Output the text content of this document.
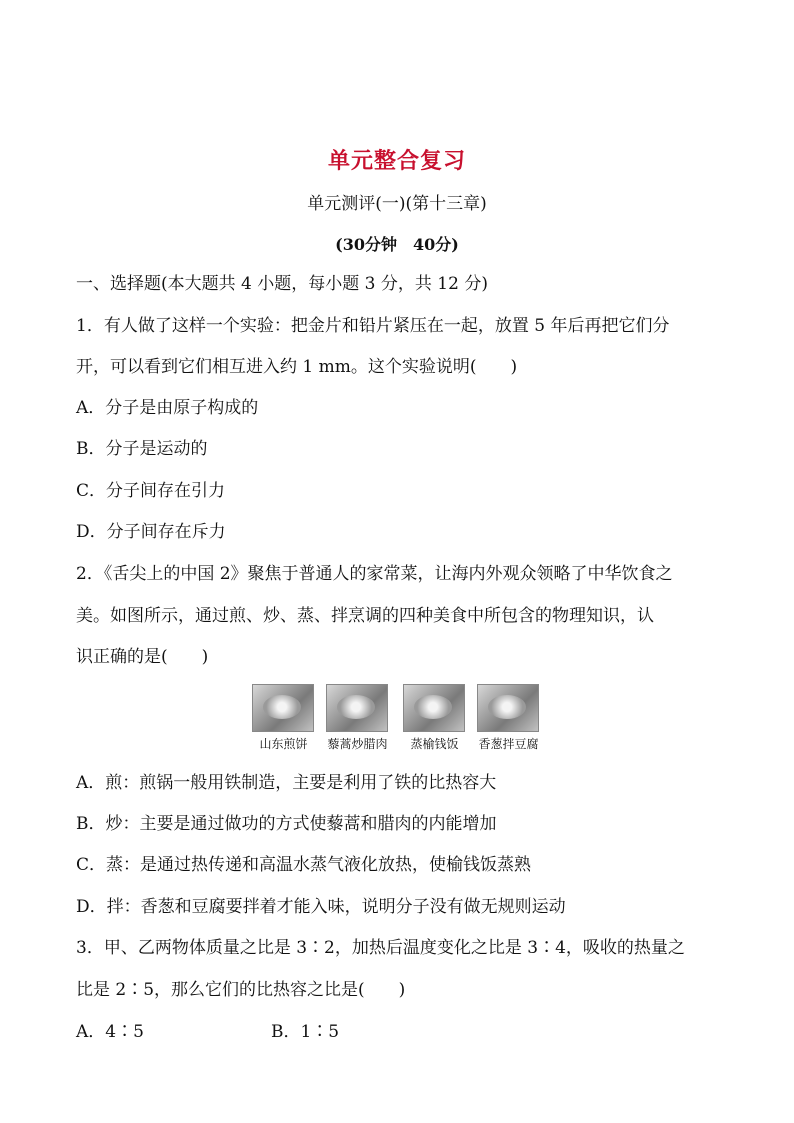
单元整合复习
单元测评(一)(第十三章)
(30分钟　40分)
一、选择题(本大题共 4 小题，每小题 3 分，共 12 分)
1．有人做了这样一个实验：把金片和铅片紧压在一起，放置 5 年后再把它们分
开，可以看到它们相互进入约 1 mm。这个实验说明(　　)
A．分子是由原子构成的
B．分子是运动的
C．分子间存在引力
D．分子间存在斥力
2．《舌尖上的中国 2》聚焦于普通人的家常菜，让海内外观众领略了中华饮食之
美。如图所示，通过煎、炒、蒸、拌烹调的四种美食中所包含的物理知识，认
识正确的是(　　)
山东煎饼	藜蒿炒腊肉	蒸榆钱饭	香葱拌豆腐
A．煎：煎锅一般用铁制造，主要是利用了铁的比热容大
B．炒：主要是通过做功的方式使藜蒿和腊肉的内能增加
C．蒸：是通过热传递和高温水蒸气液化放热，使榆钱饭蒸熟
D．拌：香葱和豆腐要拌着才能入味，说明分子没有做无规则运动
3．甲、乙两物体质量之比是 3∶2，加热后温度变化之比是 3∶4，吸收的热量之
比是 2∶5，那么它们的比热容之比是(　　)
A．4∶5	B．1∶5
